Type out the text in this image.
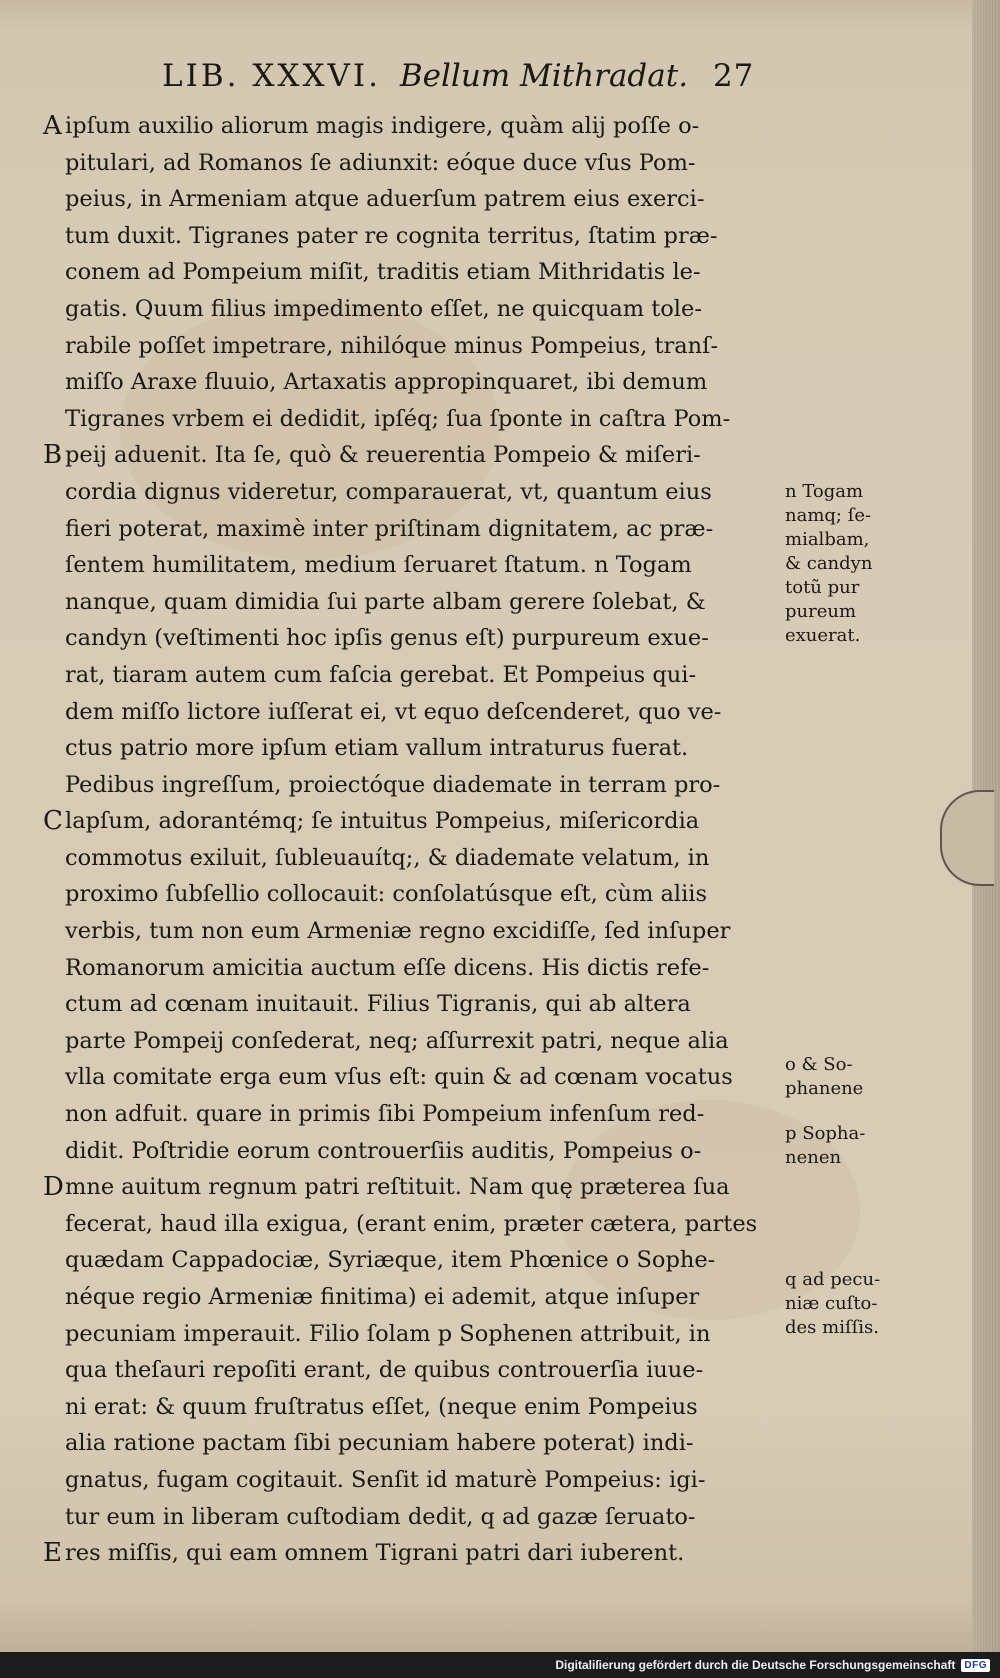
LIB. XXXVI. Bellum Mithradat. 27
A ipſum auxilio aliorum magis indigere, quàm alij poſſe o-
pitulari, ad Romanos ſe adiunxit: eóque duce vſus Pom-
peius, in Armeniam atque aduerſum patrem eius exerci-
tum duxit. Tigranes pater re cognita territus, ſtatim præ-
conem ad Pompeium miſit, traditis etiam Mithridatis le-
gatis. Quum filius impedimento eſſet, ne quicquam tole-
rabile poſſet impetrare, nihilóque minus Pompeius, tranſ-
miſſo Araxe fluuio, Artaxatis appropinquaret, ibi demum
Tigranes vrbem ei dedidit, ipſéq; ſua ſponte in caſtra Pom-
B peij aduenit. Ita ſe, quò & reuerentia Pompeio & miſeri-
cordia dignus videretur, comparauerat, vt, quantum eius
fieri poterat, maximè inter priſtinam dignitatem, ac præ-
ſentem humilitatem, medium ſeruaret ſtatum. n Togam
nanque, quam dimidia ſui parte albam gerere ſolebat, &
candyn (veſtimenti hoc ipſis genus eſt) purpureum exue-
rat, tiaram autem cum faſcia gerebat. Et Pompeius qui-
dem miſſo lictore iuſſerat ei, vt equo deſcenderet, quo ve-
ctus patrio more ipſum etiam vallum intraturus fuerat.
Pedibus ingreſſum, proiectóque diademate in terram pro-
C lapſum, adorantémq; ſe intuitus Pompeius, miſericordia
commotus exiluit, ſubleuauítq;, & diademate velatum, in
proximo ſubſellio collocauit: conſolatúsque eſt, cùm aliis
verbis, tum non eum Armeniæ regno excidiſſe, ſed inſuper
Romanorum amicitia auctum eſſe dicens. His dictis refe-
ctum ad cœnam inuitauit. Filius Tigranis, qui ab altera
parte Pompeij conſederat, neq; aſſurrexit patri, neque alia
vlla comitate erga eum vſus eſt: quin & ad cœnam vocatus
non adfuit. quare in primis ſibi Pompeium infenſum red-
didit. Poſtridie eorum controuerſiis auditis, Pompeius o-
D mne auitum regnum patri reſtituit. Nam quę præterea ſua
fecerat, haud illa exigua, (erant enim, præter cætera, partes
quædam Cappadociæ, Syriæque, item Phœnice o Sophe-
néque regio Armeniæ finitima) ei ademit, atque inſuper
pecuniam imperauit. Filio ſolam p Sophenen attribuit, in
qua theſauri repoſiti erant, de quibus controuerſia iuue-
ni erat: & quum fruſtratus eſſet, (neque enim Pompeius
alia ratione pactam ſibi pecuniam habere poterat) indi-
gnatus, fugam cogitauit. Senſit id maturè Pompeius: igi-
tur eum in liberam cuſtodiam dedit, q ad gazæ ſeruato-
E res miſſis, qui eam omnem Tigrani patri dari iuberent.
n Togam
namq; ſe-
mialbam,
& candyn
totũ pur
pureum
exuerat.
o & So-
phanene
p Sopha-
nenen
q ad pecu-
niæ cuſto-
des miſſis.
Digitaliſierung gefördert durch die Deutsche Forschungsgemeinschaft DFG
